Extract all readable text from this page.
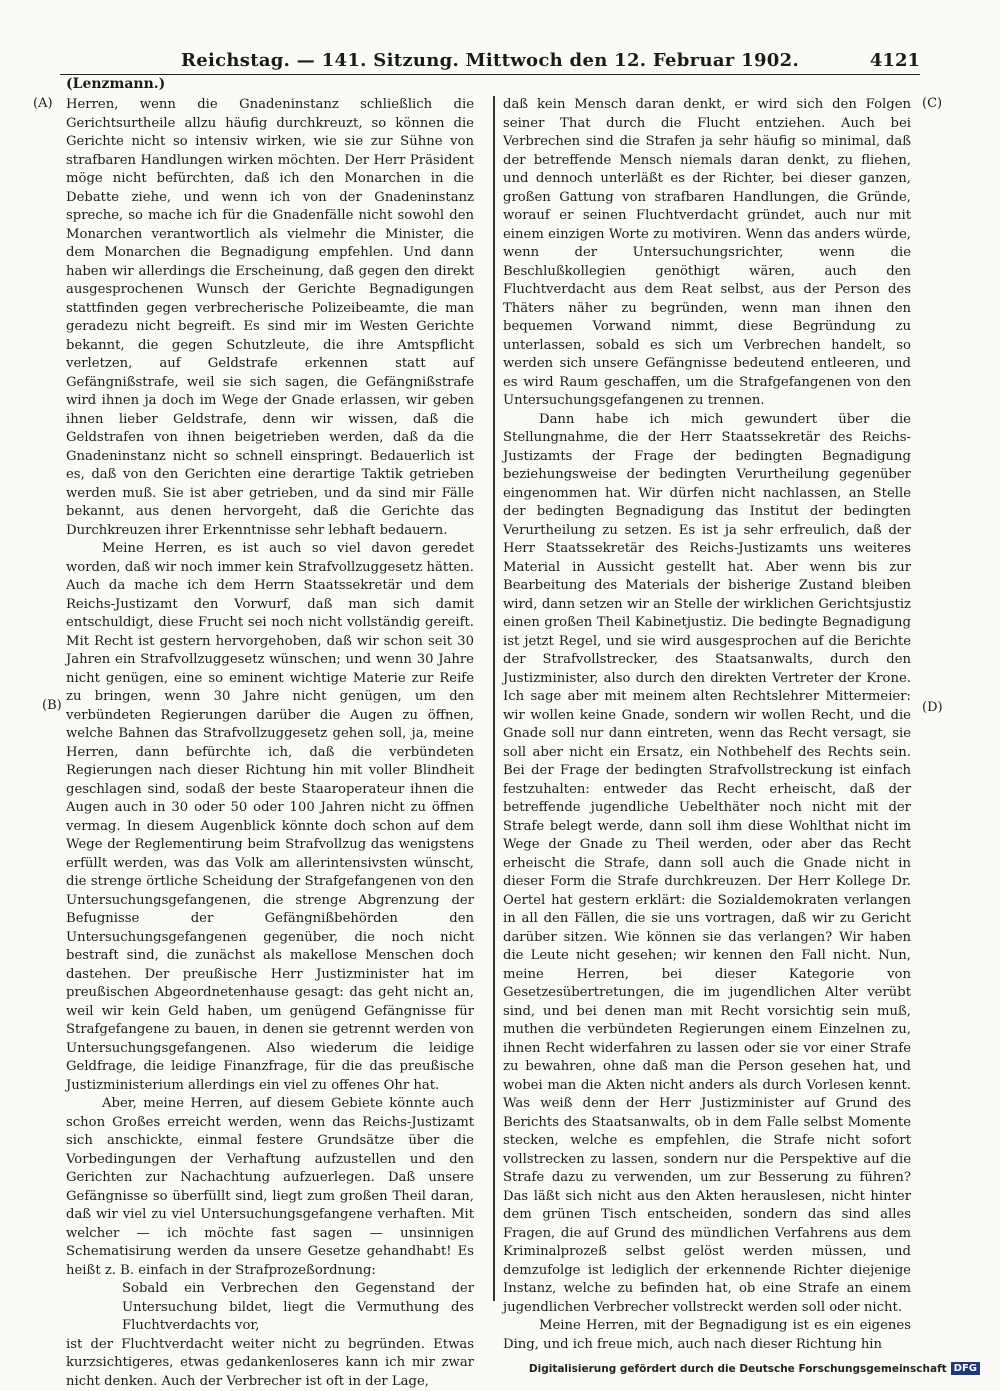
Reichstag. — 141. Sitzung. Mittwoch den 12. Februar 1902.	4121
(Lenzmann.)
(A)
(B)
(C)
(D)

Herren, wenn die Gnadeninstanz schließlich die Gerichtsurtheile allzu häufig durchkreuzt, so können die Gerichte nicht so intensiv wirken, wie sie zur Sühne von strafbaren Handlungen wirken möchten. Der Herr Präsident möge nicht befürchten, daß ich den Monarchen in die Debatte ziehe, und wenn ich von der Gnadeninstanz spreche, so mache ich für die Gnadenfälle nicht sowohl den Monarchen verantwortlich als vielmehr die Minister, die dem Monarchen die Begnadigung empfehlen. Und dann haben wir allerdings die Erscheinung, daß gegen den direkt ausgesprochenen Wunsch der Gerichte Begnadigungen stattfinden gegen verbrecherische Polizeibeamte, die man geradezu nicht begreift. Es sind mir im Westen Gerichte bekannt, die gegen Schutzleute, die ihre Amtspflicht verletzen, auf Geldstrafe erkennen statt auf Gefängnißstrafe, weil sie sich sagen, die Gefängnißstrafe wird ihnen ja doch im Wege der Gnade erlassen, wir geben ihnen lieber Geldstrafe, denn wir wissen, daß die Geldstrafen von ihnen beigetrieben werden, daß da die Gnadeninstanz nicht so schnell einspringt. Bedauerlich ist es, daß von den Gerichten eine derartige Taktik getrieben werden muß. Sie ist aber getrieben, und da sind mir Fälle bekannt, aus denen hervorgeht, daß die Gerichte das Durchkreuzen ihrer Erkenntnisse sehr lebhaft bedauern.

Meine Herren, es ist auch so viel davon geredet worden, daß wir noch immer kein Strafvollzuggesetz hätten. Auch da mache ich dem Herrn Staatssekretär und dem Reichs-Justizamt den Vorwurf, daß man sich damit entschuldigt, diese Frucht sei noch nicht vollständig gereift. Mit Recht ist gestern hervorgehoben, daß wir schon seit 30 Jahren ein Strafvollzuggesetz wünschen; und wenn 30 Jahre nicht genügen, eine so eminent wichtige Materie zur Reife zu bringen, wenn 30 Jahre nicht genügen, um den verbündeten Regierungen darüber die Augen zu öffnen, welche Bahnen das Strafvollzuggesetz gehen soll, ja, meine Herren, dann befürchte ich, daß die verbündeten Regierungen nach dieser Richtung hin mit voller Blindheit geschlagen sind, sodaß der beste Staaroperateur ihnen die Augen auch in 30 oder 50 oder 100 Jahren nicht zu öffnen vermag. In diesem Augenblick könnte doch schon auf dem Wege der Reglementirung beim Strafvollzug das wenigstens erfüllt werden, was das Volk am allerintensivsten wünscht, die strenge örtliche Scheidung der Strafgefangenen von den Untersuchungsgefangenen, die strenge Abgrenzung der Befugnisse der Gefängnißbehörden den Untersuchungsgefangenen gegenüber, die noch nicht bestraft sind, die zunächst als makellose Menschen doch dastehen. Der preußische Herr Justizminister hat im preußischen Abgeordnetenhause gesagt: das geht nicht an, weil wir kein Geld haben, um genügend Gefängnisse für Strafgefangene zu bauen, in denen sie getrennt werden von Untersuchungsgefangenen. Also wiederum die leidige Geldfrage, die leidige Finanzfrage, für die das preußische Justizministerium allerdings ein viel zu offenes Ohr hat.

Aber, meine Herren, auf diesem Gebiete könnte auch schon Großes erreicht werden, wenn das Reichs-Justizamt sich anschickte, einmal festere Grundsätze über die Vorbedingungen der Verhaftung aufzustellen und den Gerichten zur Nachachtung aufzuerlegen. Daß unsere Gefängnisse so überfüllt sind, liegt zum großen Theil daran, daß wir viel zu viel Untersuchungsgefangene verhaften. Mit welcher — ich möchte fast sagen — unsinnigen Schematisirung werden da unsere Gesetze gehandhabt! Es heißt z. B. einfach in der Strafprozeßordnung:

Sobald ein Verbrechen den Gegenstand der Untersuchung bildet, liegt die Vermuthung des Fluchtverdachts vor,

ist der Fluchtverdacht weiter nicht zu begründen. Etwas kurzsichtigeres, etwas gedankenloseres kann ich mir zwar nicht denken. Auch der Verbrecher ist oft in der Lage,

daß kein Mensch daran denkt, er wird sich den Folgen seiner That durch die Flucht entziehen. Auch bei Verbrechen sind die Strafen ja sehr häufig so minimal, daß der betreffende Mensch niemals daran denkt, zu fliehen, und dennoch unterläßt es der Richter, bei dieser ganzen, großen Gattung von strafbaren Handlungen, die Gründe, worauf er seinen Fluchtverdacht gründet, auch nur mit einem einzigen Worte zu motiviren. Wenn das anders würde, wenn der Untersuchungsrichter, wenn die Beschlußkollegien genöthigt wären, auch den Fluchtverdacht aus dem Reat selbst, aus der Person des Thäters näher zu begründen, wenn man ihnen den bequemen Vorwand nimmt, diese Begründung zu unterlassen, sobald es sich um Verbrechen handelt, so werden sich unsere Gefängnisse bedeutend entleeren, und es wird Raum geschaffen, um die Strafgefangenen von den Untersuchungsgefangenen zu trennen.

Dann habe ich mich gewundert über die Stellungnahme, die der Herr Staatssekretär des Reichs-Justizamts der Frage der bedingten Begnadigung beziehungsweise der bedingten Verurtheilung gegenüber eingenommen hat. Wir dürfen nicht nachlassen, an Stelle der bedingten Begnadigung das Institut der bedingten Verurtheilung zu setzen. Es ist ja sehr erfreulich, daß der Herr Staatssekretär des Reichs-Justizamts uns weiteres Material in Aussicht gestellt hat. Aber wenn bis zur Bearbeitung des Materials der bisherige Zustand bleiben wird, dann setzen wir an Stelle der wirklichen Gerichtsjustiz einen großen Theil Kabinetjustiz. Die bedingte Begnadigung ist jetzt Regel, und sie wird ausgesprochen auf die Berichte der Strafvollstrecker, des Staatsanwalts, durch den Justizminister, also durch den direkten Vertreter der Krone. Ich sage aber mit meinem alten Rechtslehrer Mittermeier: wir wollen keine Gnade, sondern wir wollen Recht, und die Gnade soll nur dann eintreten, wenn das Recht versagt, sie soll aber nicht ein Ersatz, ein Nothbehelf des Rechts sein. Bei der Frage der bedingten Strafvollstreckung ist einfach festzuhalten: entweder das Recht erheischt, daß der betreffende jugendliche Uebelthäter noch nicht mit der Strafe belegt werde, dann soll ihm diese Wohlthat nicht im Wege der Gnade zu Theil werden, oder aber das Recht erheischt die Strafe, dann soll auch die Gnade nicht in dieser Form die Strafe durchkreuzen. Der Herr Kollege Dr. Oertel hat gestern erklärt: die Sozialdemokraten verlangen in all den Fällen, die sie uns vortragen, daß wir zu Gericht darüber sitzen. Wie können sie das verlangen? Wir haben die Leute nicht gesehen; wir kennen den Fall nicht. Nun, meine Herren, bei dieser Kategorie von Gesetzesübertretungen, die im jugendlichen Alter verübt sind, und bei denen man mit Recht vorsichtig sein muß, muthen die verbündeten Regierungen einem Einzelnen zu, ihnen Recht widerfahren zu lassen oder sie vor einer Strafe zu bewahren, ohne daß man die Person gesehen hat, und wobei man die Akten nicht anders als durch Vorlesen kennt. Was weiß denn der Herr Justizminister auf Grund des Berichts des Staatsanwalts, ob in dem Falle selbst Momente stecken, welche es empfehlen, die Strafe nicht sofort vollstrecken zu lassen, sondern nur die Perspektive auf die Strafe dazu zu verwenden, um zur Besserung zu führen? Das läßt sich nicht aus den Akten herauslesen, nicht hinter dem grünen Tisch entscheiden, sondern das sind alles Fragen, die auf Grund des mündlichen Verfahrens aus dem Kriminalprozeß selbst gelöst werden müssen, und demzufolge ist lediglich der erkennende Richter diejenige Instanz, welche zu befinden hat, ob eine Strafe an einem jugendlichen Verbrecher vollstreckt werden soll oder nicht.

Meine Herren, mit der Begnadigung ist es ein eigenes Ding, und ich freue mich, auch nach dieser Richtung hin

Digitalisierung gefördert durch die Deutsche Forschungsgemeinschaft DFG
